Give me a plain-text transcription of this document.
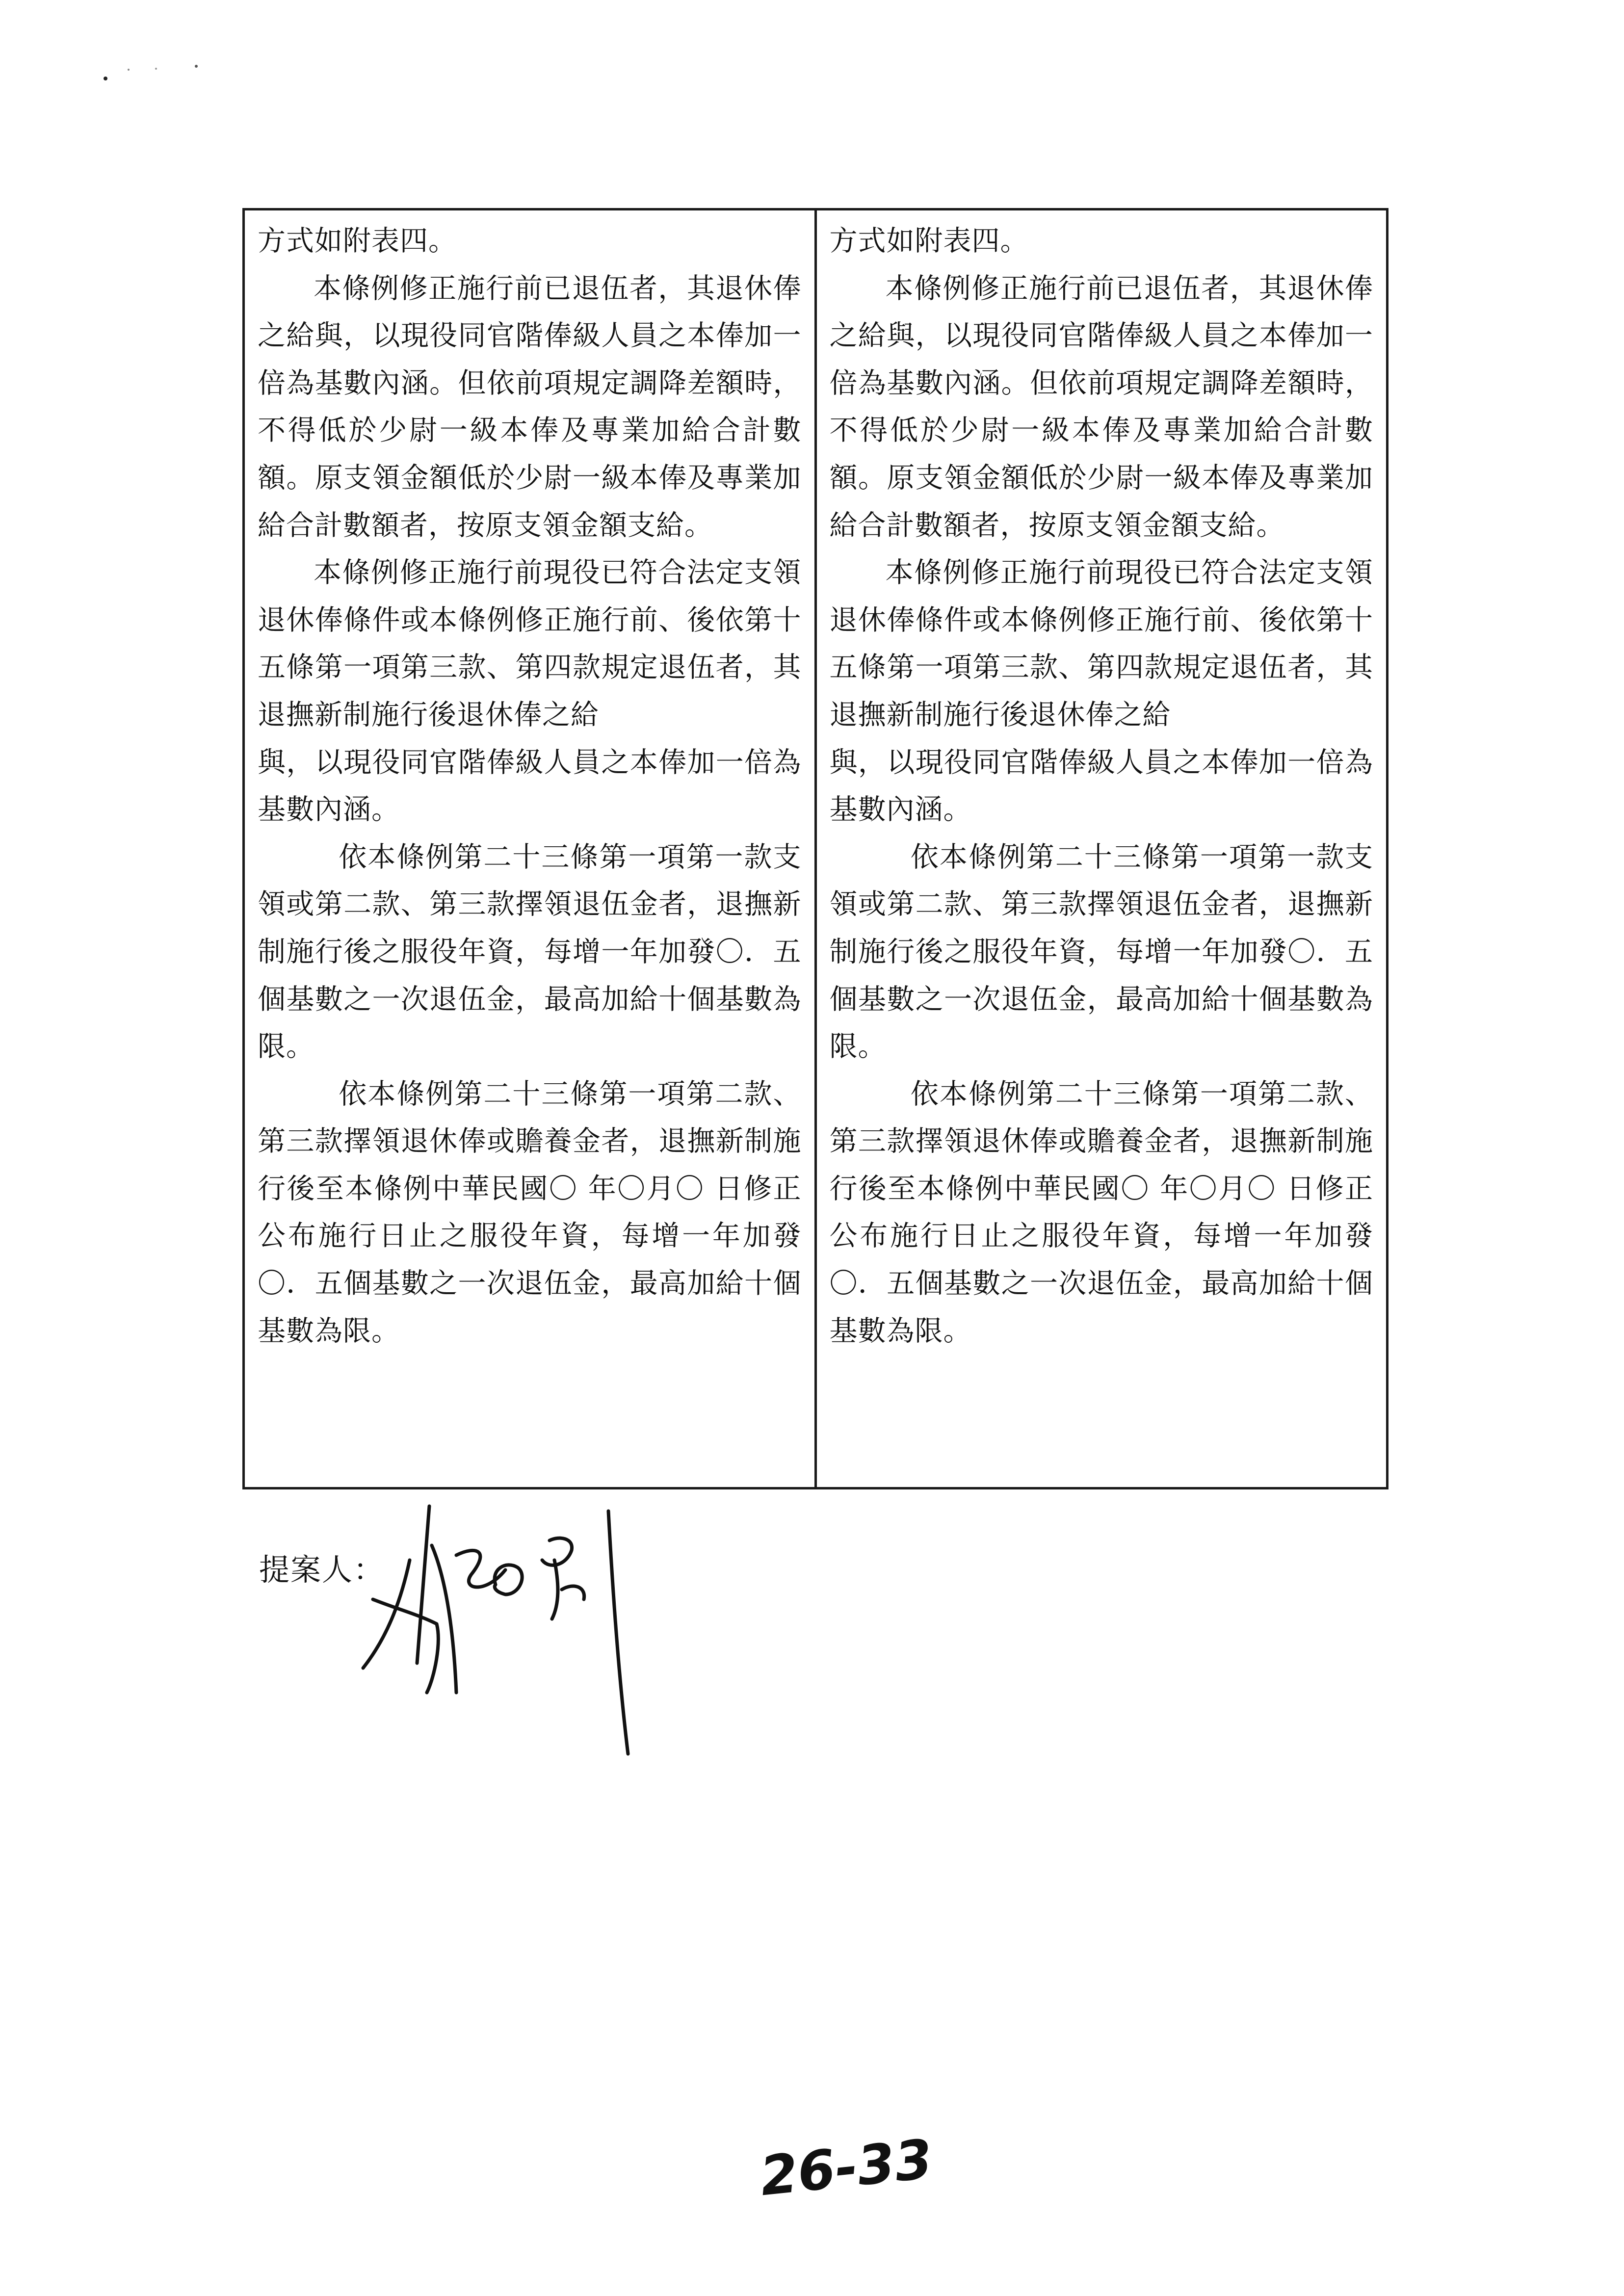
方式如附表四。

本條例修正施行前已退伍者，其退休俸之給與，以現役同官階俸級人員之本俸加一倍為基數內涵。但依前項規定調降差額時，不得低於少尉一級本俸及專業加給合計數額。原支領金額低於少尉一級本俸及專業加給合計數額者，按原支領金額支給。

本條例修正施行前現役已符合法定支領退休俸條件或本條例修正施行前、後依第十五條第一項第三款、第四款規定退伍者，其退撫新制施行後退休俸之給

與，以現役同官階俸級人員之本俸加一倍為基數內涵。

依本條例第二十三條第一項第一款支領或第二款、第三款擇領退伍金者，退撫新制施行後之服役年資，每增一年加發〇．五個基數之一次退伍金，最高加給十個基數為限。

依本條例第二十三條第一項第二款、第三款擇領退休俸或贍養金者，退撫新制施行後至本條例中華民國〇 年〇月〇 日修正公布施行日止之服役年資，每增一年加發〇．五個基數之一次退伍金，最高加給十個基數為限。

方式如附表四。

本條例修正施行前已退伍者，其退休俸之給與，以現役同官階俸級人員之本俸加一倍為基數內涵。但依前項規定調降差額時，不得低於少尉一級本俸及專業加給合計數額。原支領金額低於少尉一級本俸及專業加給合計數額者，按原支領金額支給。

本條例修正施行前現役已符合法定支領退休俸條件或本條例修正施行前、後依第十五條第一項第三款、第四款規定退伍者，其退撫新制施行後退休俸之給

與，以現役同官階俸級人員之本俸加一倍為基數內涵。

依本條例第二十三條第一項第一款支領或第二款、第三款擇領退伍金者，退撫新制施行後之服役年資，每增一年加發〇．五個基數之一次退伍金，最高加給十個基數為限。

依本條例第二十三條第一項第二款、第三款擇領退休俸或贍養金者，退撫新制施行後至本條例中華民國〇 年〇月〇 日修正公布施行日止之服役年資，每增一年加發〇．五個基數之一次退伍金，最高加給十個基數為限。

提案人：
26-33
